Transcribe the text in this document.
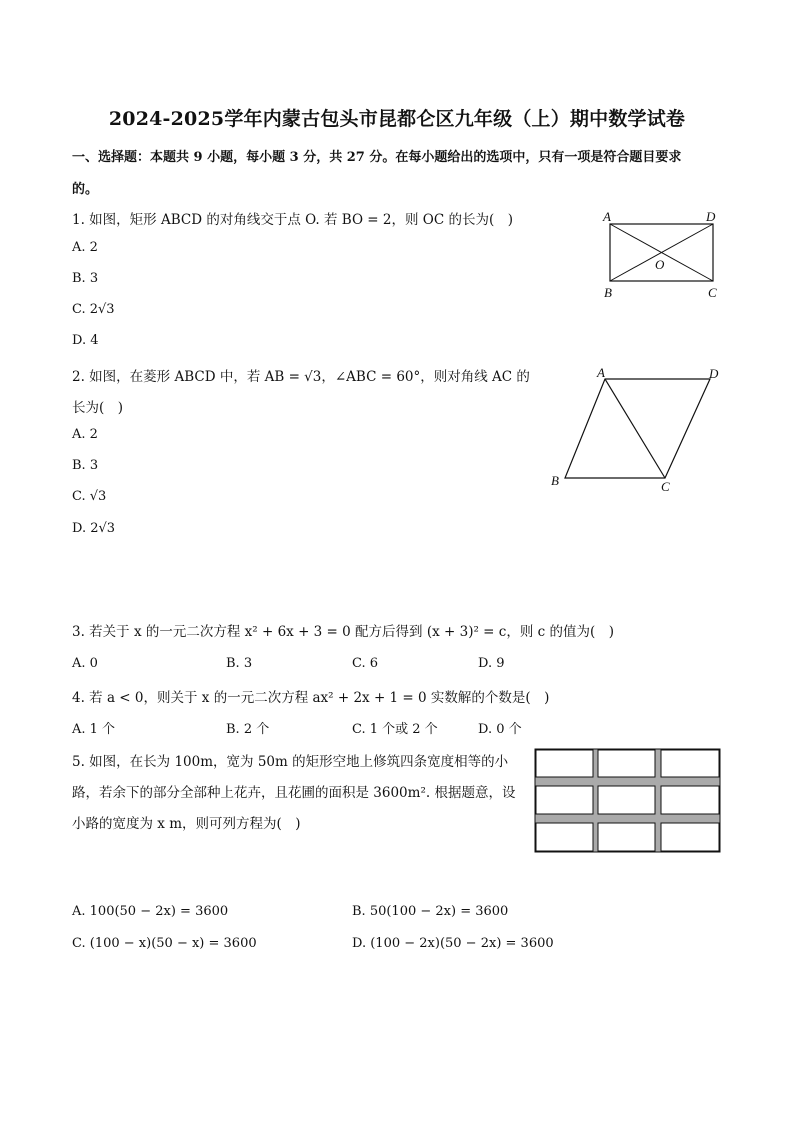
2024-2025学年内蒙古包头市昆都仑区九年级（上）期中数学试卷
一、选择题：本题共 9 小题，每小题 3 分，共 27 分。在每小题给出的选项中，只有一项是符合题目要求
的。
1. 如图，矩形 ABCD 的对角线交于点 O. 若 BO = 2，则 OC 的长为(　)
A. 2
B. 3
C. 2√3
D. 4
A	D
O
B	C
2. 如图，在菱形 ABCD 中，若 AB = √3，∠ABC = 60°，则对角线 AC 的
长为(　)
A. 2
B. 3
C. √3
D. 2√3
A	D
B	C
3. 若关于 x 的一元二次方程 x² + 6x + 3 = 0 配方后得到 (x + 3)² = c，则 c 的值为(　)
A. 0	B. 3	C. 6	D. 9
4. 若 a < 0，则关于 x 的一元二次方程 ax² + 2x + 1 = 0 实数解的个数是(　)
A. 1 个	B. 2 个	C. 1 个或 2 个	D. 0 个
5. 如图，在长为 100m，宽为 50m 的矩形空地上修筑四条宽度相等的小
路，若余下的部分全部种上花卉，且花圃的面积是 3600m². 根据题意，设
小路的宽度为 x m，则可列方程为(　)
A. 100(50 − 2x) = 3600	B. 50(100 − 2x) = 3600
C. (100 − x)(50 − x) = 3600	D. (100 − 2x)(50 − 2x) = 3600
